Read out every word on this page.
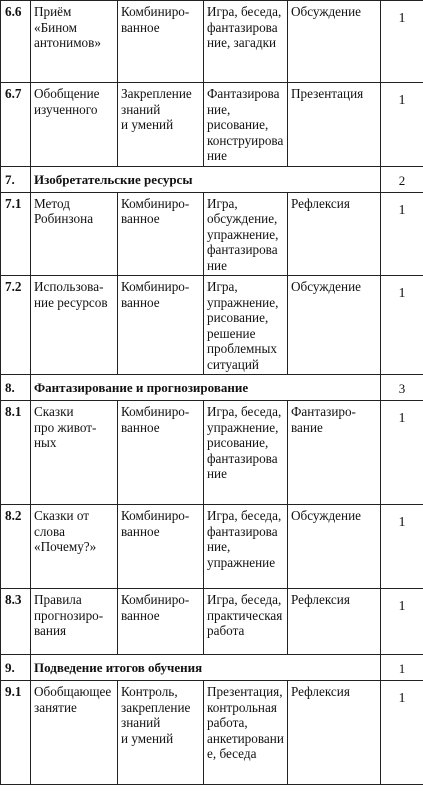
6.6	Приём
«Бином
антонимов»	Комбиниро-
ванное	Игра, беседа, фантазирование, загадки	Обсуждение	1
6.7	Обобщение
изученного	Закрепление знаний
и умений	Фантазирование,
рисование,
конструирование	Презентация	1
7.	Изобретательские ресурсы				2
7.1	Метод
Робинзона	Комбиниро-
ванное	Игра, обсуждение, упражнение, фантазирование	Рефлексия	1
7.2	Использова-
ние ресурсов	Комбиниро-
ванное	Игра, упражнение,
рисование,
решение
проблемных
ситуаций	Обсуждение	1
8.	Фантазирование и прогнозирование				3
8.1	Сказки
про живот-
ных	Комбиниро-
ванное	Игра, беседа, упражнение, рисование, фантазирование	Фантазиро-
вание	1
8.2	Сказки от
слова
«Почему?»	Комбиниро-
ванное	Игра, беседа, фантазирование, упражнение	Обсуждение	1
8.3	Правила
прогнозиро-
вания	Комбиниро-
ванное	Игра, беседа, практическая
работа	Рефлексия	1
9.	Подведение итогов обучения				1
9.1	Обобщающее
занятие	Контроль, закрепление знаний
и умений	Презентация, контрольная работа, анкетирование, беседа	Рефлексия	1
